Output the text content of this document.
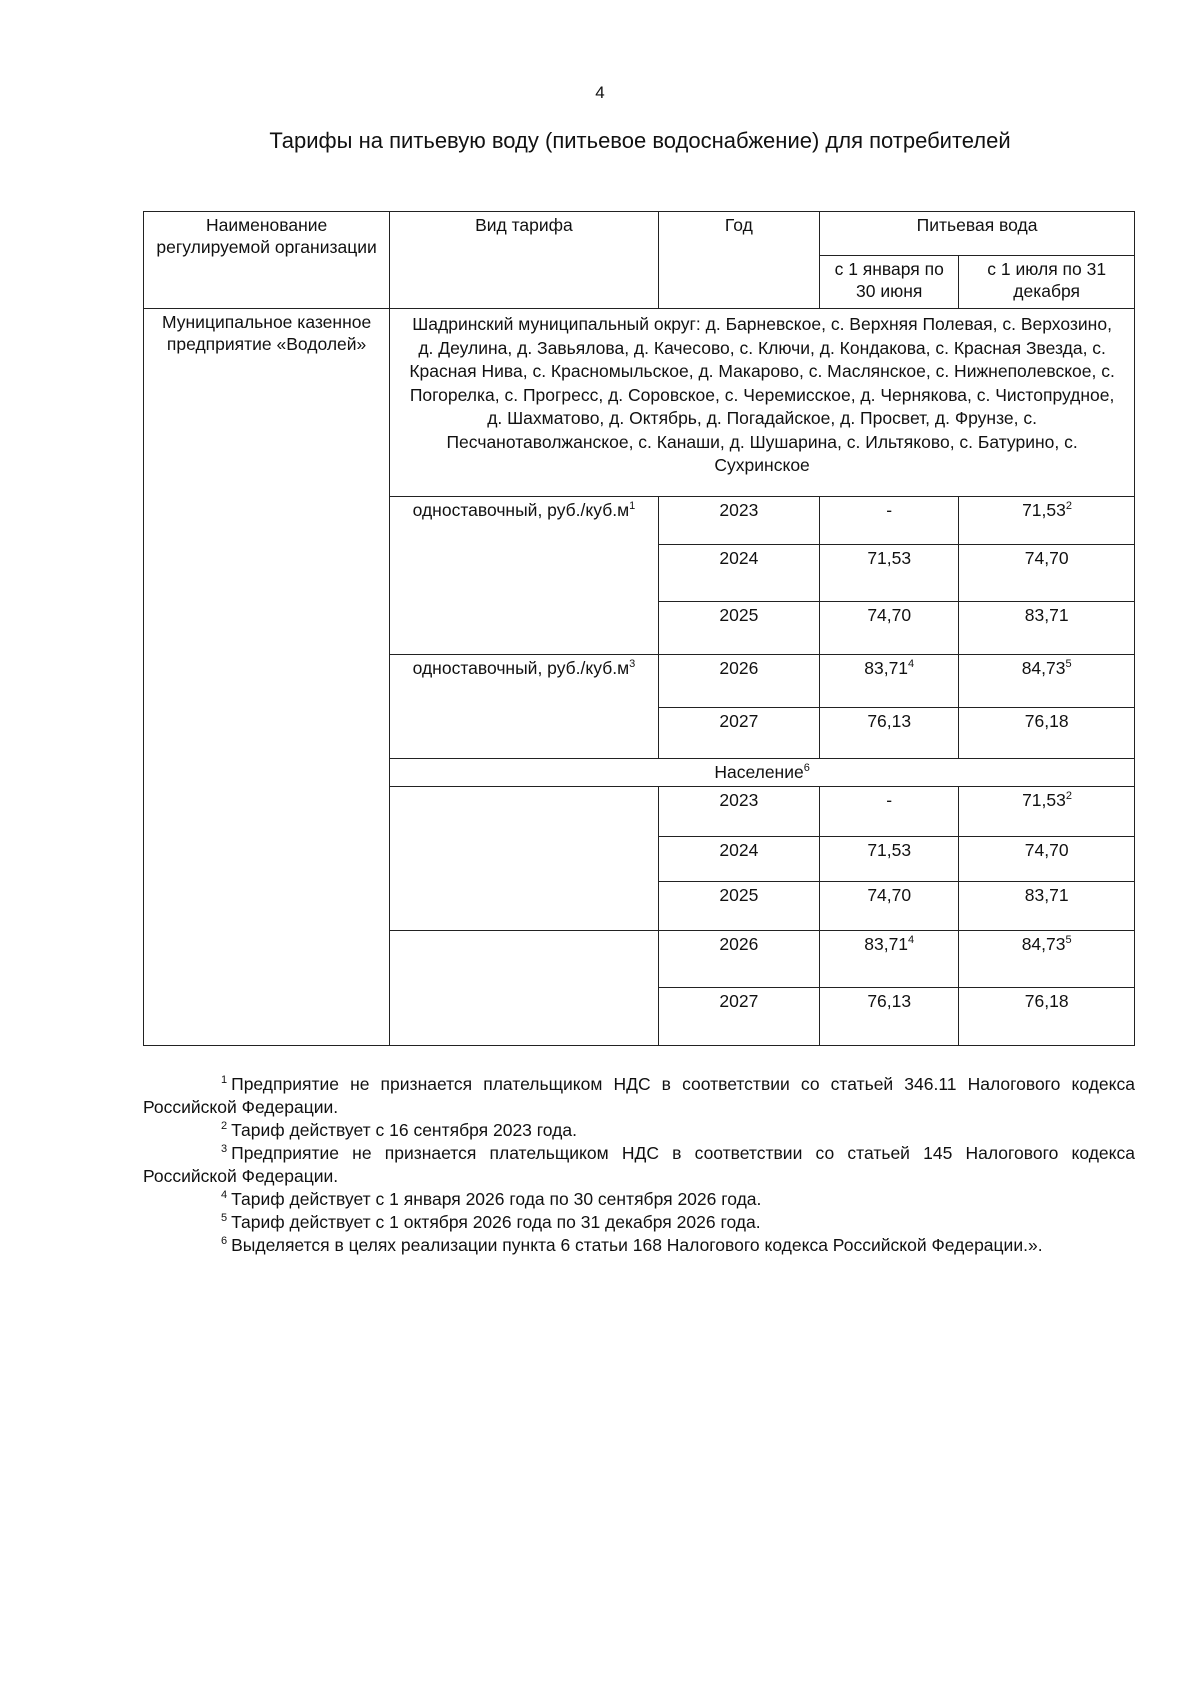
4
Тарифы на питьевую воду (питьевое водоснабжение) для потребителей
Наименование регулируемой организации	Вид тарифа	Год	Питьевая вода	
			с 1 января по 30 июня	с 1 июля по 31 декабря
Муниципальное казенное предприятие «Водолей»	Шадринский муниципальный округ: д. Барневское, с. Верхняя Полевая, с. Верхозино, д. Деулина, д. Завьялова, д. Качесово, с. Ключи, д. Кондакова, с. Красная Звезда, с. Красная Нива, с. Красномыльское, д. Макарово, с. Маслянское, с. Нижнеполевское, с. Погорелка, с. Прогресс, д. Соровское, с. Черемисское, д. Чернякова, с. Чистопрудное, д. Шахматово, д. Октябрь, д. Погадайское, д. Просвет, д. Фрунзе, с. Песчанотаволжанское, с. Канаши, д. Шушарина, с. Ильтяково, с. Батурино, с. Сухринское			
	одноставочный, $руб./куб.м^1$	2023	-	71,53$^2$
		2024	71,53	74,70
		2025	74,70	83,71
	одноставочный, $руб./куб.м^3$	2026	83,71$^4$	84,73$^5$
		2027	76,13	76,18
	Население$^6$
		2023	-	71,53$^2$
		2024	71,53	74,70
		2025	74,70	83,71
		2026	83,71$^4$	84,73$^5$
		2027	76,13	76,18

$^1$ Предприятие не признается плательщиком НДС в соответствии со статьей 346.11 Налогового кодекса Российской Федерации.

$^2$ Тариф действует с 16 сентября 2023 года.

$^3$ Предприятие не признается плательщиком НДС в соответствии со статьей 145 Налогового кодекса Российской Федерации.

$^4$ Тариф действует с 1 января 2026 года по 30 сентября 2026 года.

$^5$ Тариф действует с 1 октября 2026 года по 31 декабря 2026 года.

$^6$ Выделяется в целях реализации пункта 6 статьи 168 Налогового кодекса Российской Федерации.».
